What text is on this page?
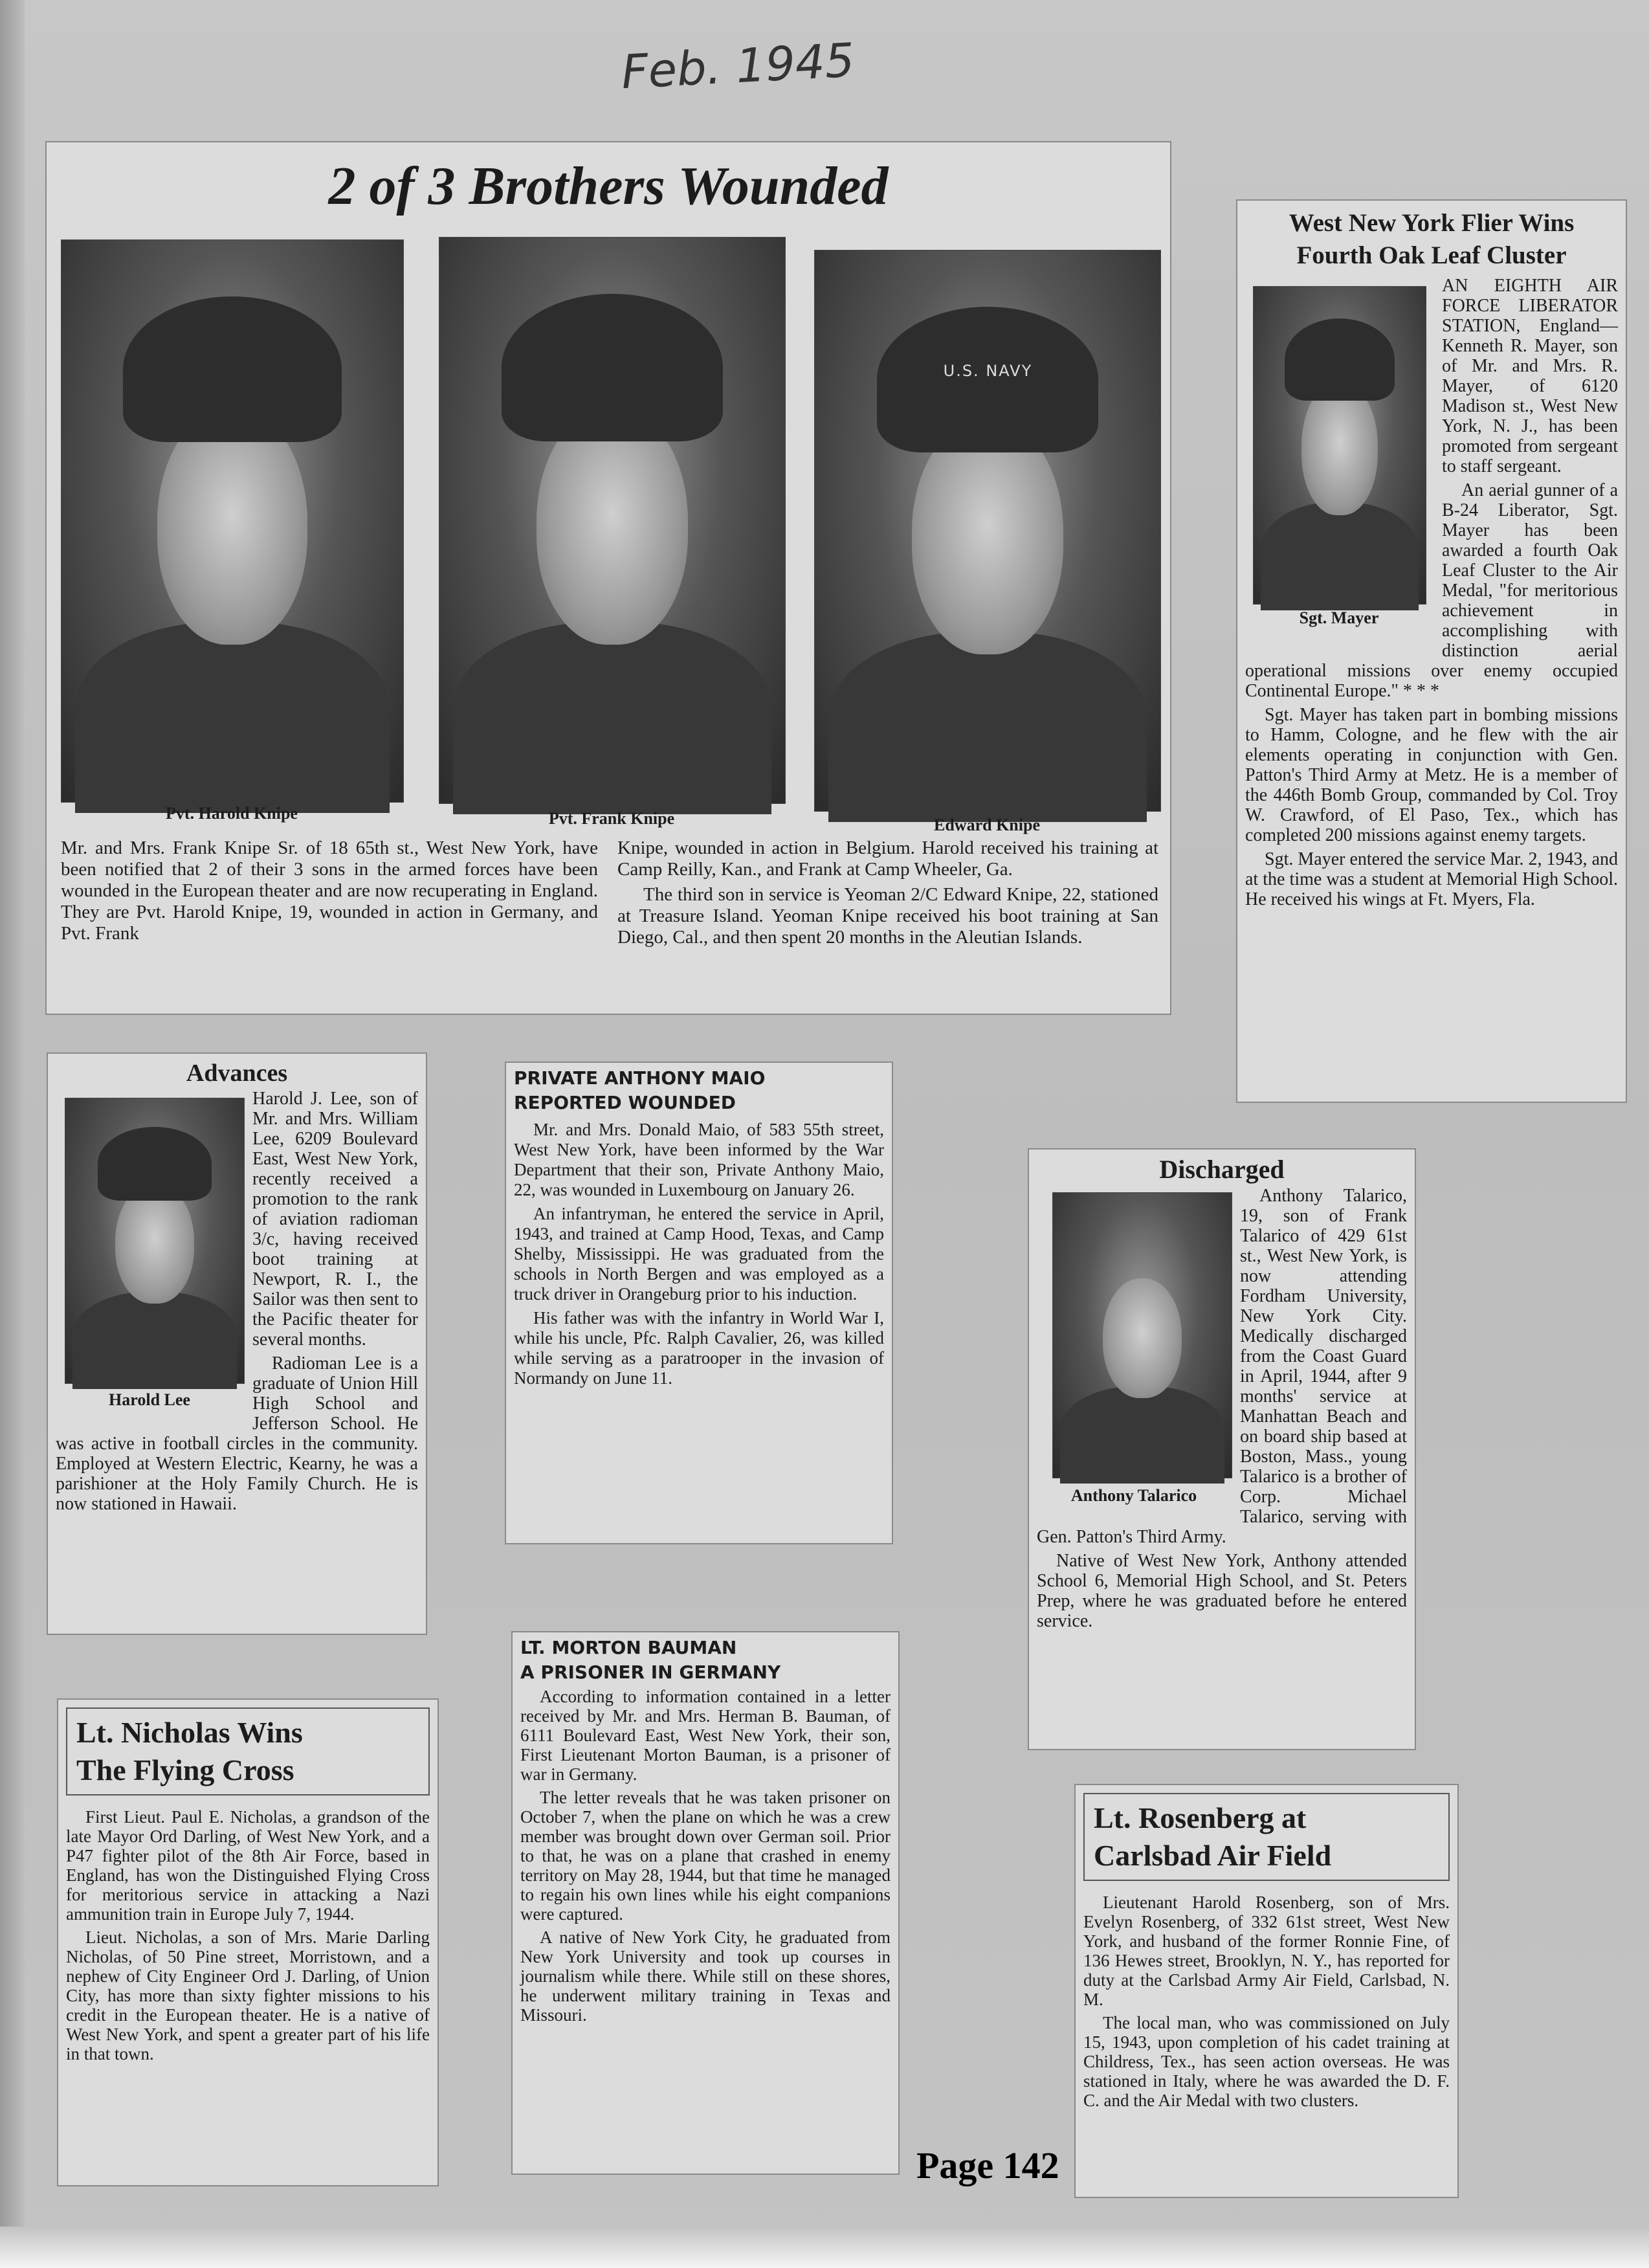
Feb. 1945
2 of 3 Brothers Wounded
U.S. NAVY
Pvt. Harold Knipe	Pvt. Frank Knipe	Edward Knipe

Mr. and Mrs. Frank Knipe Sr. of 18 65th st., West New York, have been notified that 2 of their 3 sons in the armed forces have been wounded in the European theater and are now recuperating in England. They are Pvt. Harold Knipe, 19, wounded in action in Germany, and Pvt. Frank

Knipe, wounded in action in Belgium. Harold received his training at Camp Reilly, Kan., and Frank at Camp Wheeler, Ga.

The third son in service is Yeoman 2/C Edward Knipe, 22, stationed at Treasure Island. Yeoman Knipe received his boot training at San Diego, Cal., and then spent 20 months in the Aleutian Islands.

West New York Flier Wins
Fourth Oak Leaf Cluster
Sgt. Mayer

AN EIGHTH AIR FORCE LIBERATOR STATION, England— Kenneth R. Mayer, son of Mr. and Mrs. R. Mayer, of 6120 Madison st., West New York, N. J., has been promoted from sergeant to staff sergeant.

An aerial gunner of a B-24 Liberator, Sgt. Mayer has been awarded a fourth Oak Leaf Cluster to the Air Medal, "for meritorious achievement in accomplishing with distinction aerial operational missions over enemy occupied Continental Europe." * * *

Sgt. Mayer has taken part in bombing missions to Hamm, Cologne, and he flew with the air elements operating in conjunction with Gen. Patton's Third Army at Metz. He is a member of the 446th Bomb Group, commanded by Col. Troy W. Crawford, of El Paso, Tex., which has completed 200 missions against enemy targets.

Sgt. Mayer entered the service Mar. 2, 1943, and at the time was a student at Memorial High School. He received his wings at Ft. Myers, Fla.

Advances
Harold Lee

Harold J. Lee, son of Mr. and Mrs. William Lee, 6209 Boulevard East, West New York, recently received a promotion to the rank of aviation radioman 3/c, having received boot training at Newport, R. I., the Sailor was then sent to the Pacific theater for several months.

Radioman Lee is a graduate of Union Hill High School and Jefferson School. He was active in football circles in the community. Employed at Western Electric, Kearny, he was a parishioner at the Holy Family Church. He is now stationed in Hawaii.

PRIVATE ANTHONY MAIO
REPORTED WOUNDED

Mr. and Mrs. Donald Maio, of 583 55th street, West New York, have been informed by the War Department that their son, Private Anthony Maio, 22, was wounded in Luxembourg on January 26.

An infantryman, he entered the service in April, 1943, and trained at Camp Hood, Texas, and Camp Shelby, Mississippi. He was graduated from the schools in North Bergen and was employed as a truck driver in Orangeburg prior to his induction.

His father was with the infantry in World War I, while his uncle, Pfc. Ralph Cavalier, 26, was killed while serving as a paratrooper in the invasion of Normandy on June 11.

Discharged
Anthony Talarico

Anthony Talarico, 19, son of Frank Talarico of 429 61st st., West New York, is now attending Fordham University, New York City. Medically discharged from the Coast Guard in April, 1944, after 9 months' service at Manhattan Beach and on board ship based at Boston, Mass., young Talarico is a brother of Corp. Michael Talarico, serving with Gen. Patton's Third Army.

Native of West New York, Anthony attended School 6, Memorial High School, and St. Peters Prep, where he was graduated before he entered service.

Lt. Nicholas Wins
The Flying Cross

First Lieut. Paul E. Nicholas, a grandson of the late Mayor Ord Darling, of West New York, and a P47 fighter pilot of the 8th Air Force, based in England, has won the Distinguished Flying Cross for meritorious service in attacking a Nazi ammunition train in Europe July 7, 1944.

Lieut. Nicholas, a son of Mrs. Marie Darling Nicholas, of 50 Pine street, Morristown, and a nephew of City Engineer Ord J. Darling, of Union City, has more than sixty fighter missions to his credit in the European theater. He is a native of West New York, and spent a greater part of his life in that town.

LT. MORTON BAUMAN
A PRISONER IN GERMANY

According to information contained in a letter received by Mr. and Mrs. Herman B. Bauman, of 6111 Boulevard East, West New York, their son, First Lieutenant Morton Bauman, is a prisoner of war in Germany.

The letter reveals that he was taken prisoner on October 7, when the plane on which he was a crew member was brought down over German soil. Prior to that, he was on a plane that crashed in enemy territory on May 28, 1944, but that time he managed to regain his own lines while his eight companions were captured.

A native of New York City, he graduated from New York University and took up courses in journalism while there. While still on these shores, he underwent military training in Texas and Missouri.

Lt. Rosenberg at
Carlsbad Air Field

Lieutenant Harold Rosenberg, son of Mrs. Evelyn Rosenberg, of 332 61st street, West New York, and husband of the former Ronnie Fine, of 136 Hewes street, Brooklyn, N. Y., has reported for duty at the Carlsbad Army Air Field, Carlsbad, N. M.

The local man, who was commissioned on July 15, 1943, upon completion of his cadet training at Childress, Tex., has seen action overseas. He was stationed in Italy, where he was awarded the D. F. C. and the Air Medal with two clusters.

Page 142
